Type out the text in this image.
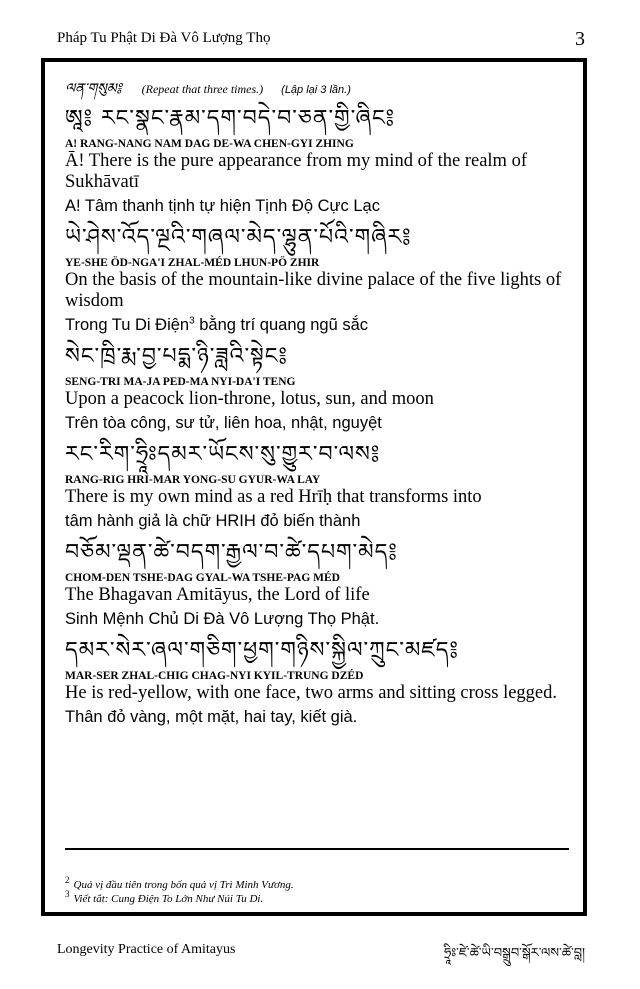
Pháp Tu Phật Di Đà Vô Lượng Thọ	3
ལན་གསུམ༔ (Repeat that three times.) (Lập lại 3 lần.)
ཨཱ༔ རང་སྣང་རྣམ་དག་བདེ་བ་ཅན་གྱི་ཞིང༔
A! RANG-NANG NAM DAG DE-WA CHEN-GYI ZHING
Ā! There is the pure appearance from my mind of the realm of Sukhāvatī
A! Tâm thanh tịnh tự hiện Tịnh Độ Cực Lạc
ཡེ་ཤེས་འོད་ལྔའི་གཞལ་མེད་ལྷུན་པོའི་གཞིར༔
YE-SHE ÖD-NGA'I ZHAL-MÉD LHUN-PÖ ZHIR
On the basis of the mountain-like divine palace of the five lights of wisdom
Trong Tu Di Điện$^3$ bằng trí quang ngũ sắc
སེང་ཁྲི་རྨ་བྱ་པདྨ་ཉི་ཟླའི་སྟེང༔
SENG-TRI MA-JA PED-MA NYI-DA'I TENG
Upon a peacock lion-throne, lotus, sun, and moon
Trên tòa công, sư tử, liên hoa, nhật, nguyệt
རང་རིག་ཧྲཱིཿདམར་ཡོངས་སུ་གྱུར་བ་ལས༔
RANG-RIG HRI-MAR YONG-SU GYUR-WA LAY
There is my own mind as a red Hrīḥ that transforms into
tâm hành giả là chữ HRIH đỏ biến thành
བཅོམ་ལྡན་ཚེ་བདག་རྒྱལ་བ་ཚེ་དཔག་མེད༔
CHOM-DEN TSHE-DAG GYAL-WA TSHE-PAG MÉD
The Bhagavan Amitāyus, the Lord of life
Sinh Mệnh Chủ Di Đà Vô Lượng Thọ Phật.
དམར་སེར་ཞལ་གཅིག་ཕྱག་གཉིས་སྐྱིལ་ཀྲུང་མཛད༔
MAR-SER ZHAL-CHIG CHAG-NYI KYIL-TRUNG DZÉD
He is red-yellow, with one face, two arms and sitting cross legged.
Thân đỏ vàng, một mặt, hai tay, kiết già.
$^2$ Quả vị đầu tiên trong bốn quả vị Trì Minh Vương.
$^3$ Viết tắt: Cung Điện To Lớn Như Núi Tu Di.
Longevity Practice of Amitayus	ཧྲཱིཿ་ཛེ་ཚེ་ཡི་བསྒྲུབ་སྒོར་ལས་ཚེ་བླ།
